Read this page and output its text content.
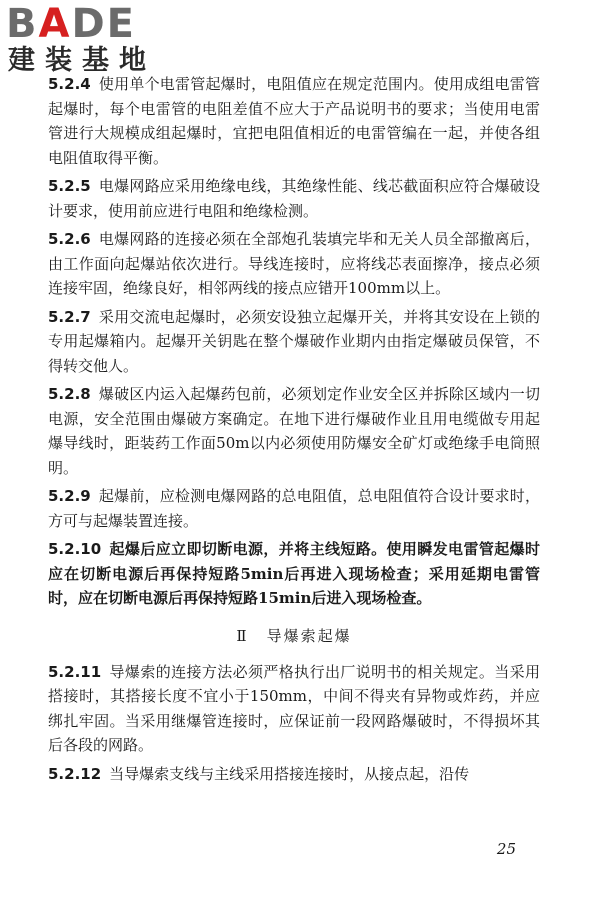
BADE
建装基地

5.2.4 使用单个电雷管起爆时，电阻值应在规定范围内。使用成组电雷管起爆时，每个电雷管的电阻差值不应大于产品说明书的要求；当使用电雷管进行大规模成组起爆时，宜把电阻值相近的电雷管编在一起，并使各组电阻值取得平衡。

5.2.5 电爆网路应采用绝缘电线，其绝缘性能、线芯截面积应符合爆破设计要求，使用前应进行电阻和绝缘检测。

5.2.6 电爆网路的连接必须在全部炮孔装填完毕和无关人员全部撤离后，由工作面向起爆站依次进行。导线连接时，应将线芯表面擦净，接点必须连接牢固，绝缘良好，相邻两线的接点应错开100mm以上。

5.2.7 采用交流电起爆时，必须安设独立起爆开关，并将其安设在上锁的专用起爆箱内。起爆开关钥匙在整个爆破作业期内由指定爆破员保管，不得转交他人。

5.2.8 爆破区内运入起爆药包前，必须划定作业安全区并拆除区域内一切电源，安全范围由爆破方案确定。在地下进行爆破作业且用电缆做专用起爆导线时，距装药工作面50m以内必须使用防爆安全矿灯或绝缘手电筒照明。

5.2.9 起爆前，应检测电爆网路的总电阻值，总电阻值符合设计要求时，方可与起爆装置连接。

5.2.10 起爆后应立即切断电源，并将主线短路。使用瞬发电雷管起爆时应在切断电源后再保持短路5min后再进入现场检查；采用延期电雷管时，应在切断电源后再保持短路15min后进入现场检查。

Ⅱ 导爆索起爆

5.2.11 导爆索的连接方法必须严格执行出厂说明书的相关规定。当采用搭接时，其搭接长度不宜小于150mm，中间不得夹有异物或炸药，并应绑扎牢固。当采用继爆管连接时，应保证前一段网路爆破时，不得损坏其后各段的网路。

5.2.12 当导爆索支线与主线采用搭接连接时，从接点起，沿传

25
